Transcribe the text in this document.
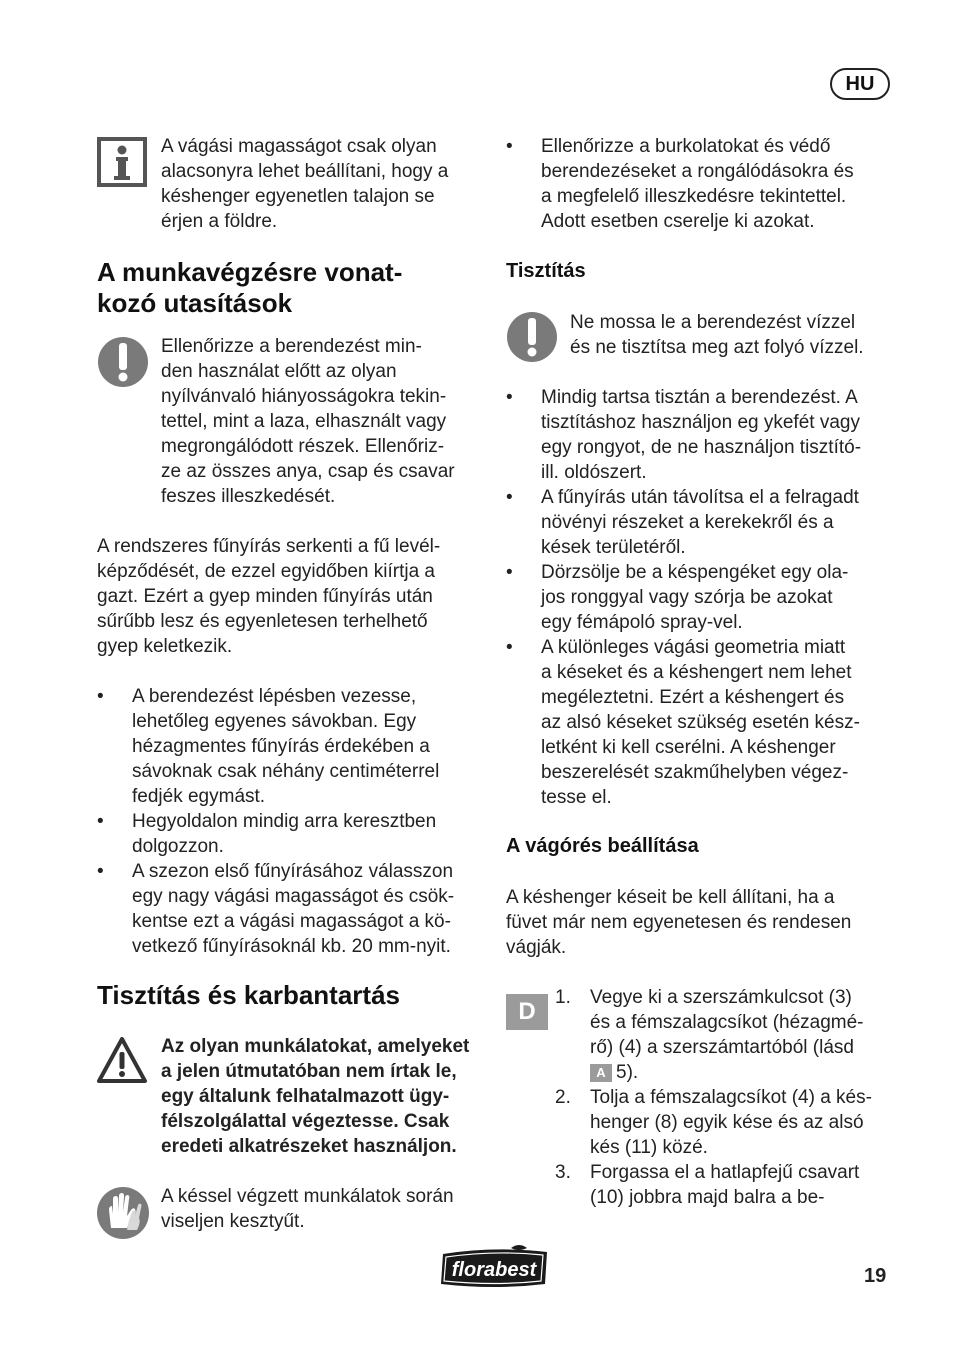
HU

A vágási magasságot csak olyan alacsonyra lehet beállítani, hogy a késhenger egyenetlen talajon se érjen a földre.

A munkavégzésre vonat-
kozó utasítások

Ellenőrizze a berendezést min-
den használat előtt az olyan
nyílvánvaló hiányosságokra tekin-
tettel, mint a laza, elhasznált vagy
megrongálódott részek. Ellenőriz-
ze az összes anya, csap és csavar
feszes illeszkedését.

A rendszeres fűnyírás serkenti a fű levél-
képződését, de ezzel egyidőben kiírtja a
gazt. Ezért a gyep minden fűnyírás után
sűrűbb lesz és egyenletesen terhelhető
gyep keletkezik.

• A berendezést lépésben vezesse,
lehetőleg egyenes sávokban. Egy
hézagmentes fűnyírás érdekében a
sávoknak csak néhány centiméterrel
fedjék egymást.
• Hegyoldalon mindig arra keresztben
dolgozzon.
• A szezon első fűnyírásához válasszon
egy nagy vágási magasságot és csök-
kentse ezt a vágási magasságot a kö-
vetkező fűnyírásoknál kb. 20 mm-nyit.
Tisztítás és karbantartás

Az olyan munkálatokat, amelyeket
a jelen útmutatóban nem írtak le,
egy általunk felhatalmazott ügy-
félszolgálattal végeztesse. Csak
eredeti alkatrészeket használjon.

A késsel végzett munkálatok során
viseljen kesztyűt.

• Ellenőrizze a burkolatokat és védő
berendezéseket a rongálódásokra és
a megfelelő illeszkedésre tekintettel.
Adott esetben cserelje ki azokat.
Tisztítás

Ne mossa le a berendezést vízzel
és ne tisztítsa meg azt folyó vízzel.

• Mindig tartsa tisztán a berendezést. A
tisztításhoz használjon eg ykefét vagy
egy rongyot, de ne használjon tisztító-
ill. oldószert.
• A fűnyírás után távolítsa el a felragadt
növényi részeket a kerekekről és a
kések területéről.
• Dörzsölje be a késpengéket egy ola-
jos ronggyal vagy szórja be azokat
egy fémápoló spray-vel.
• A különleges vágási geometria miatt
a késeket és a késhengert nem lehet
megéleztetni. Ezért a késhengert és
az alsó késeket szükség esetén kész-
letként ki kell cserélni. A késhenger
beszerelését szakműhelyben végez-
tesse el.
A vágórés beállítása

A késhenger késeit be kell állítani, ha a
füvet már nem egyenetesen és rendesen
vágják.

D
1. Vegye ki a szerszámkulcsot (3)
és a fémszalagcsíkot (hézagmé-
rő) (4) a szerszámtartóból (lásd
A 5).
2. Tolja a fémszalagcsíkot (4) a kés-
henger (8) egyik kése és az alsó
kés (11) közé.
3. Forgassa el a hatlapfejű csavart
(10) jobbra majd balra a be-
florabest	19
